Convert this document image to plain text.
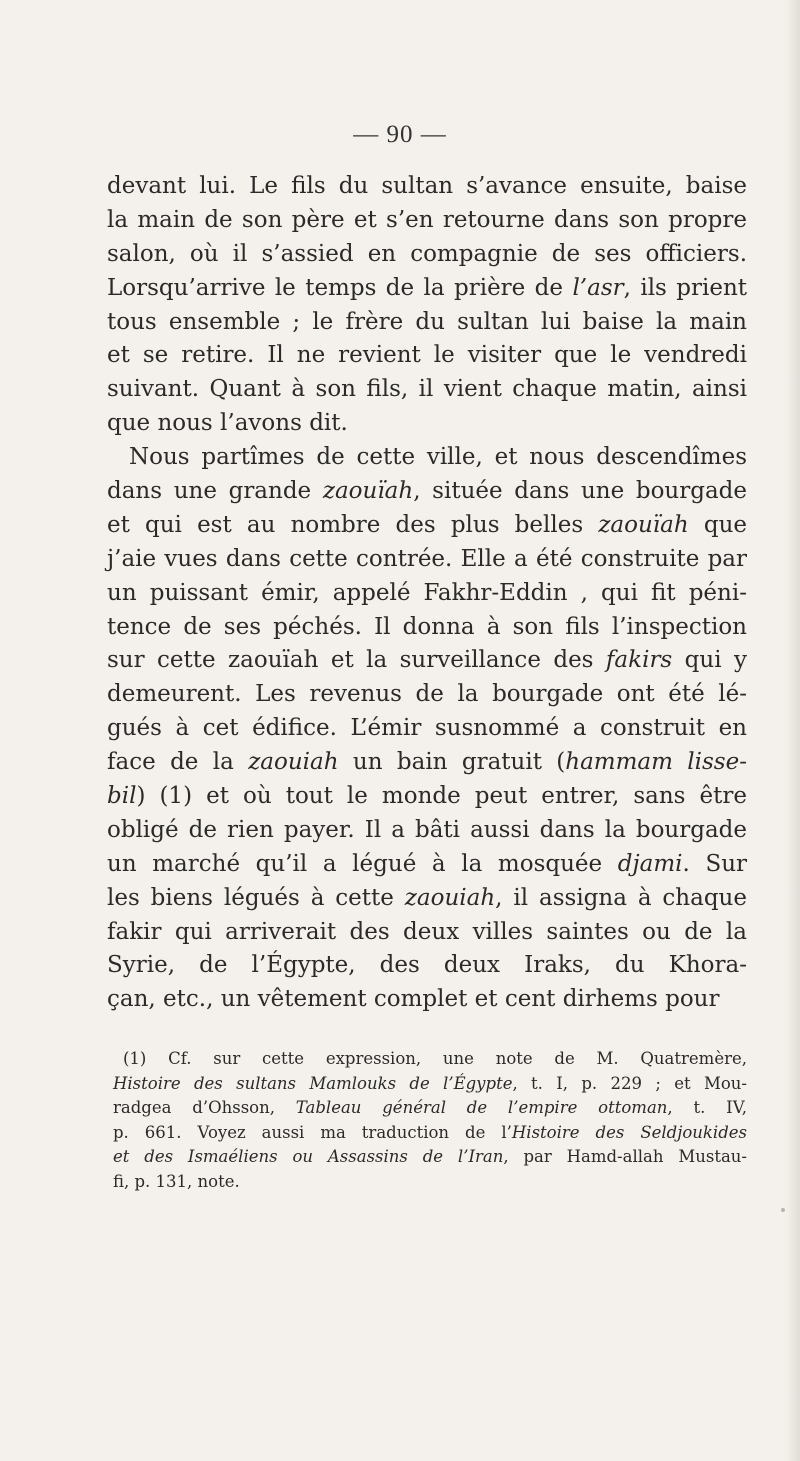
— 90 —
devant lui. Le fils du sultan s’avance ensuite, baise
la main de son père et s’en retourne dans son propre
salon, où il s’assied en compagnie de ses officiers.
Lorsqu’arrive le temps de la prière de l’asr, ils prient
tous ensemble ; le frère du sultan lui baise la main
et se retire. Il ne revient le visiter que le vendredi
suivant. Quant à son fils, il vient chaque matin, ainsi
que nous l’avons dit.
Nous partîmes de cette ville, et nous descendîmes
dans une grande zaouïah, située dans une bourgade
et qui est au nombre des plus belles zaouïah que
j’aie vues dans cette contrée. Elle a été construite par
un puissant émir, appelé Fakhr-Eddin , qui fit péni-
tence de ses péchés. Il donna à son fils l’inspection
sur cette zaouïah et la surveillance des fakirs qui y
demeurent. Les revenus de la bourgade ont été lé-
gués à cet édifice. L’émir susnommé a construit en
face de la zaouiah un bain gratuit (hammam lisse-
bil) (1) et où tout le monde peut entrer, sans être
obligé de rien payer. Il a bâti aussi dans la bourgade
un marché qu’il a légué à la mosquée djami. Sur
les biens légués à cette zaouiah, il assigna à chaque
fakir qui arriverait des deux villes saintes ou de la
Syrie, de l’Égypte, des deux Iraks, du Khora-
çan, etc., un vêtement complet et cent dirhems pour
(1) Cf. sur cette expression, une note de M. Quatremère,
Histoire des sultans Mamlouks de l’Égypte, t. I, p. 229 ; et Mou-
radgea d’Ohsson, Tableau général de l’empire ottoman, t. IV,
p. 661. Voyez aussi ma traduction de l’Histoire des Seldjoukides
et des Ismaéliens ou Assassins de l’Iran, par Hamd-allah Mustau-
fi, p. 131, note.
